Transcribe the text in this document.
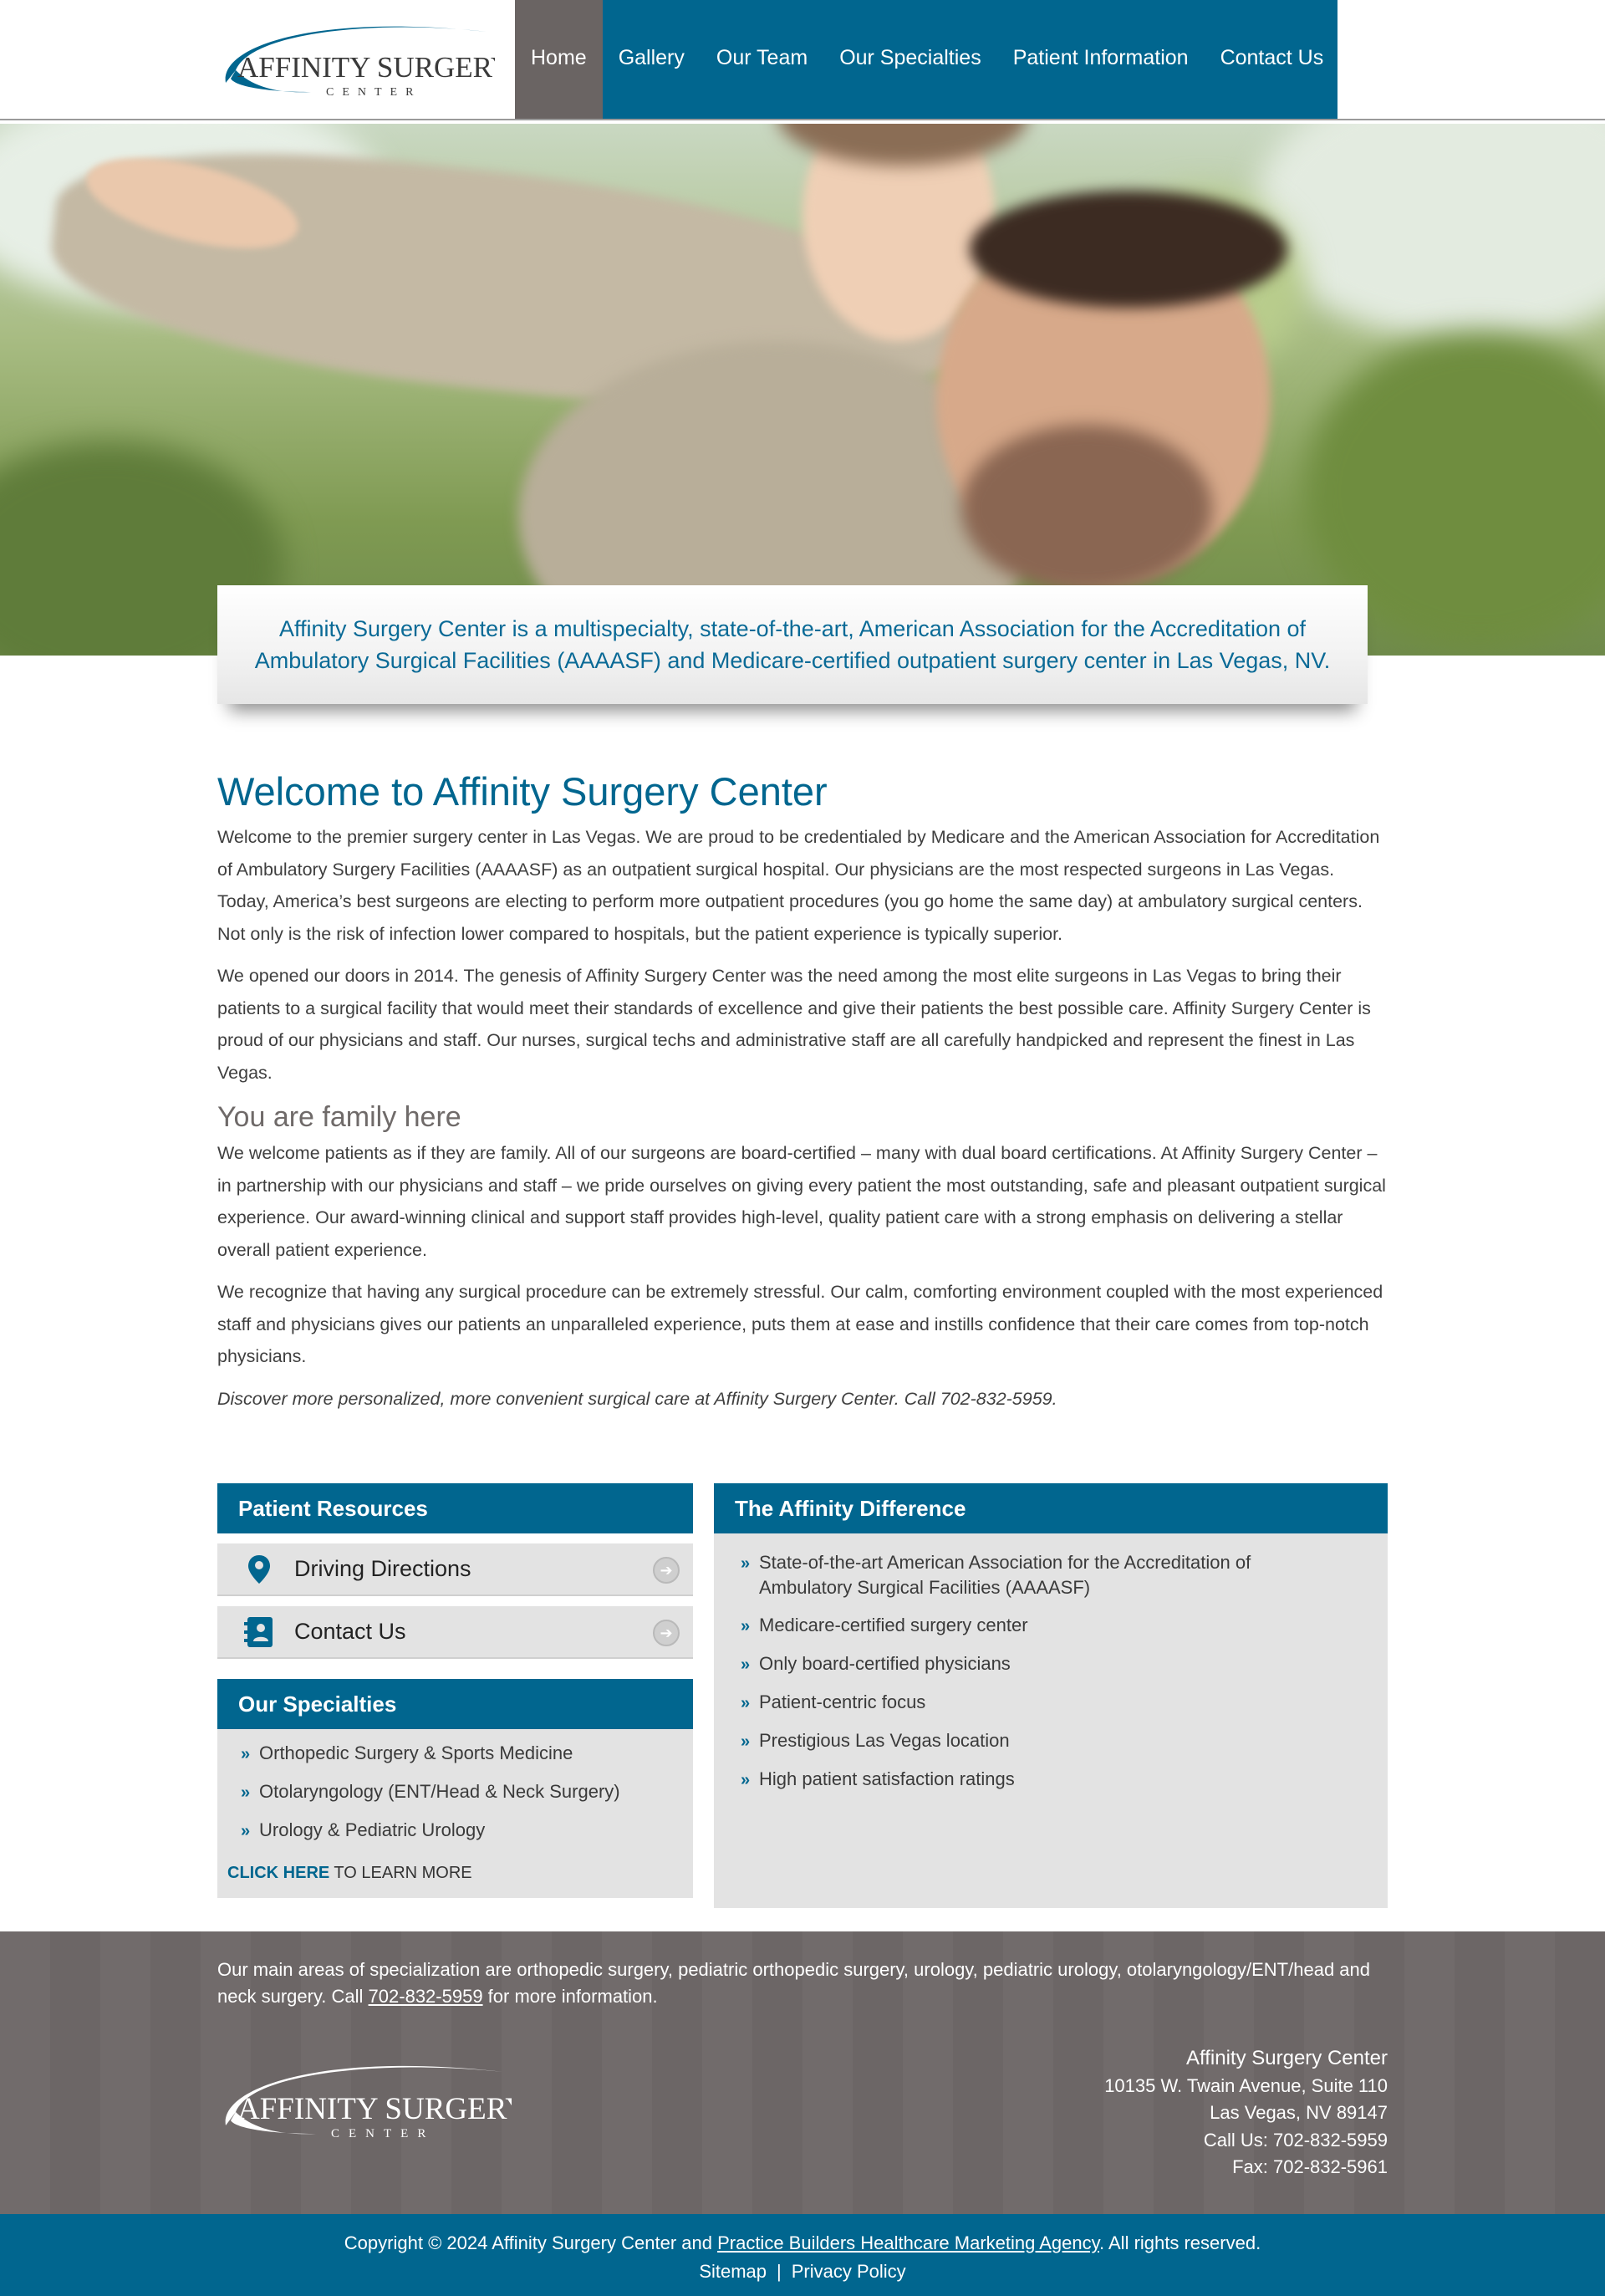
AFFINITY SURGERY
CENTER
Home	Gallery	Our Team	Our Specialties	Patient Information	Contact Us

Affinity Surgery Center is a multispecialty, state-of-the-art, American Association for the Accreditation of Ambulatory Surgical Facilities (AAAASF) and Medicare-certified outpatient surgery center in Las Vegas, NV.

Welcome to Affinity Surgery Center

Welcome to the premier surgery center in Las Vegas. We are proud to be credentialed by Medicare and the American Association for Accreditation of Ambulatory Surgery Facilities (AAAASF) as an outpatient surgical hospital. Our physicians are the most respected surgeons in Las Vegas. Today, America’s best surgeons are electing to perform more outpatient procedures (you go home the same day) at ambulatory surgical centers. Not only is the risk of infection lower compared to hospitals, but the patient experience is typically superior.

We opened our doors in 2014. The genesis of Affinity Surgery Center was the need among the most elite surgeons in Las Vegas to bring their patients to a surgical facility that would meet their standards of excellence and give their patients the best possible care. Affinity Surgery Center is proud of our physicians and staff. Our nurses, surgical techs and administrative staff are all carefully handpicked and represent the finest in Las Vegas.

You are family here

We welcome patients as if they are family. All of our surgeons are board-certified – many with dual board certifications. At Affinity Surgery Center – in partnership with our physicians and staff – we pride ourselves on giving every patient the most outstanding, safe and pleasant outpatient surgical experience. Our award-winning clinical and support staff provides high-level, quality patient care with a strong emphasis on delivering a stellar overall patient experience.

We recognize that having any surgical procedure can be extremely stressful. Our calm, comforting environment coupled with the most experienced staff and physicians gives our patients an unparalleled experience, puts them at ease and instills confidence that their care comes from top-notch physicians.

Discover more personalized, more convenient surgical care at Affinity Surgery Center. Call 702-832-5959.

Patient Resources
Driving Directions	➔
Contact Us	➔
Our Specialties
» Orthopedic Surgery & Sports Medicine
» Otolaryngology (ENT/Head & Neck Surgery)
» Urology & Pediatric Urology
CLICK HERE TO LEARN MORE
The Affinity Difference
» State-of-the-art American Association for the Accreditation of Ambulatory Surgical Facilities (AAAASF)
» Medicare-certified surgery center
» Only board-certified physicians
» Patient-centric focus
» Prestigious Las Vegas location
» High patient satisfaction ratings
Our main areas of specialization are orthopedic surgery, pediatric orthopedic surgery, urology, pediatric urology, otolaryngology/ENT/head and neck surgery. Call 702-832-5959 for more information.
AFFINITY SURGERY
CENTER
Affinity Surgery Center
10135 W. Twain Avenue, Suite 110
Las Vegas, NV 89147
Call Us: 702-832-5959
Fax: 702-832-5961
Copyright © 2024 Affinity Surgery Center and Practice Builders Healthcare Marketing Agency. All rights reserved.
Sitemap | Privacy Policy
